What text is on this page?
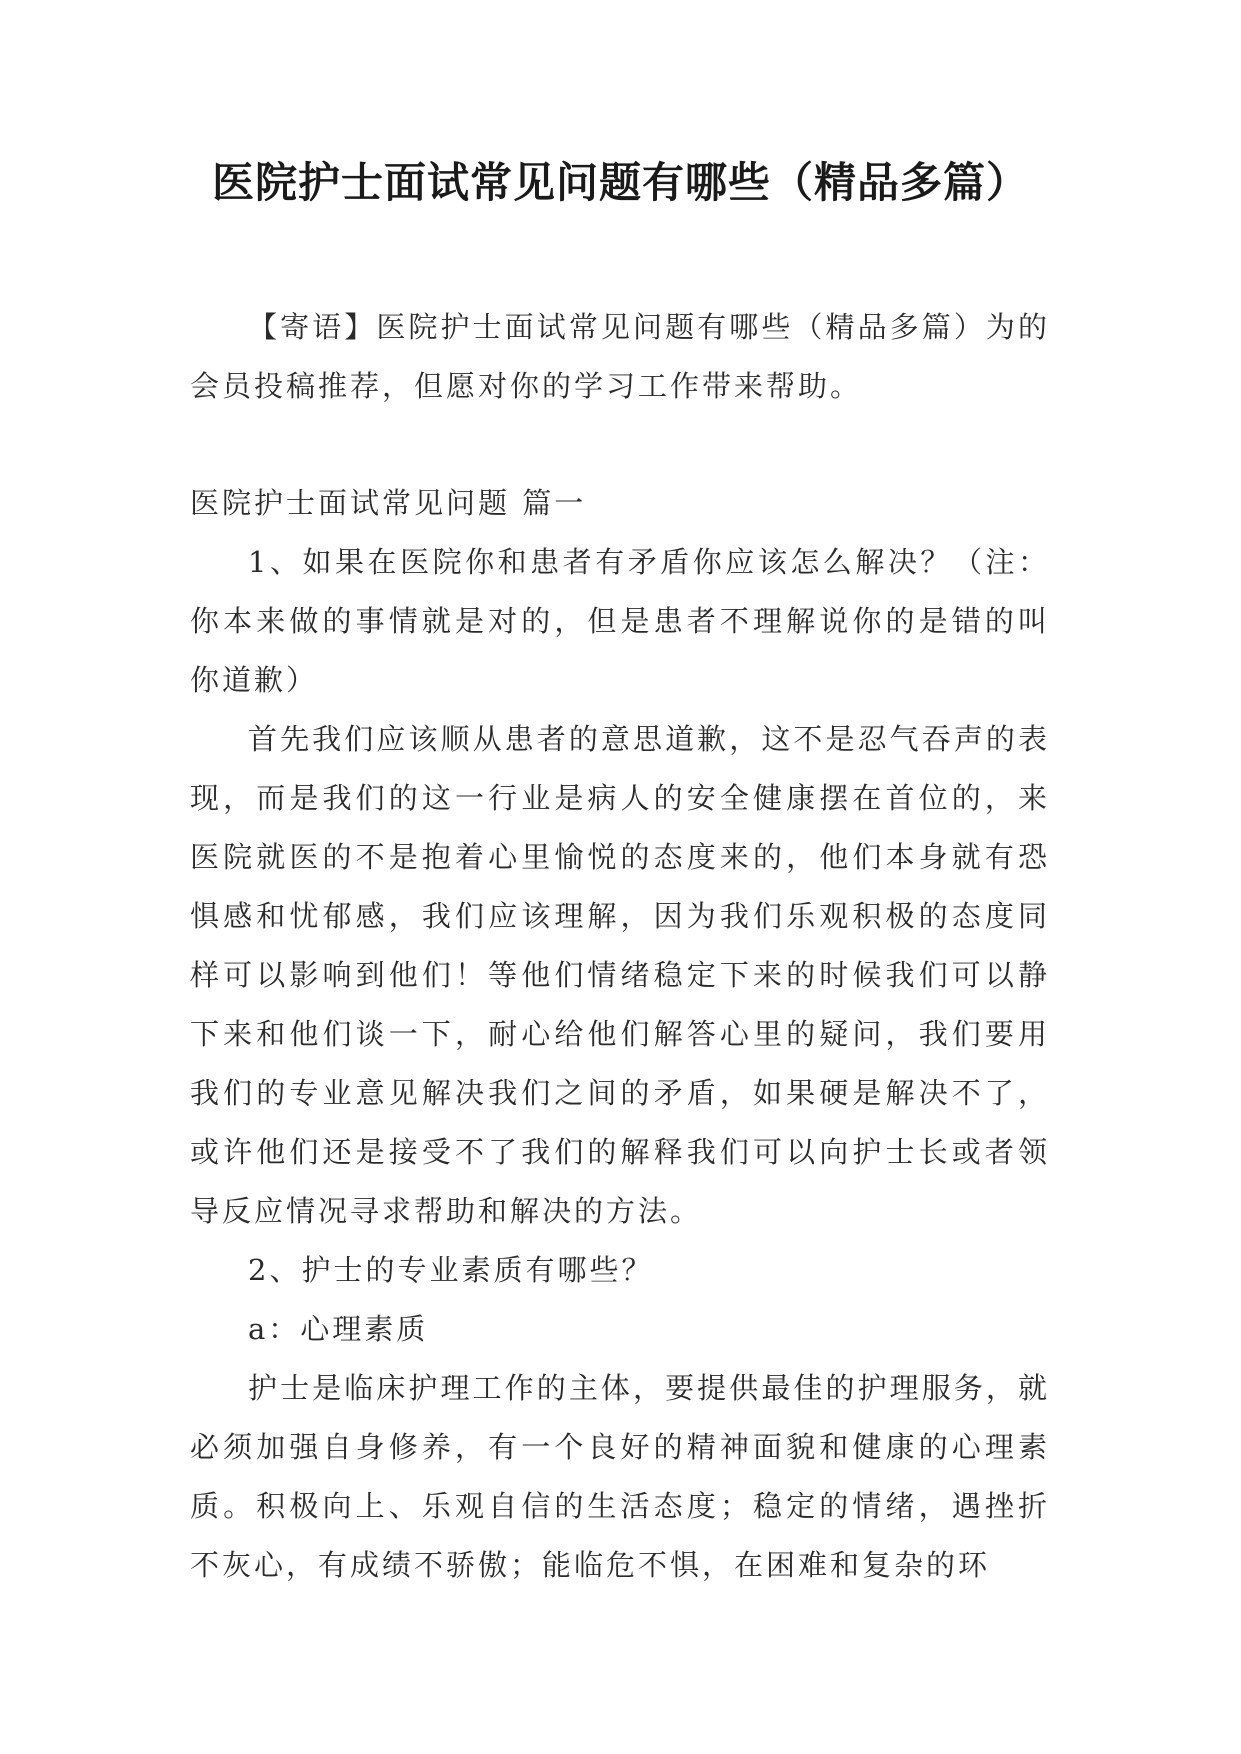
医院护士面试常见问题有哪些（精品多篇）

【寄语】医院护士面试常见问题有哪些（精品多篇）为的会员投稿推荐，但愿对你的学习工作带来帮助。

医院护士面试常见问题 篇一

1、如果在医院你和患者有矛盾你应该怎么解决？（注：你本来做的事情就是对的，但是患者不理解说你的是错的叫你道歉）

首先我们应该顺从患者的意思道歉，这不是忍气吞声的表现，而是我们的这一行业是病人的安全健康摆在首位的，来医院就医的不是抱着心里愉悦的态度来的，他们本身就有恐惧感和忧郁感，我们应该理解，因为我们乐观积极的态度同样可以影响到他们！等他们情绪稳定下来的时候我们可以静下来和他们谈一下，耐心给他们解答心里的疑问，我们要用我们的专业意见解决我们之间的矛盾，如果硬是解决不了，或许他们还是接受不了我们的解释我们可以向护士长或者领导反应情况寻求帮助和解决的方法。

2、护士的专业素质有哪些？

a：心理素质

护士是临床护理工作的主体，要提供最佳的护理服务，就必须加强自身修养，有一个良好的精神面貌和健康的心理素质。积极向上、乐观自信的生活态度；稳定的情绪，遇挫折不灰心，有成绩不骄傲；能临危不惧，在困难和复杂的环
